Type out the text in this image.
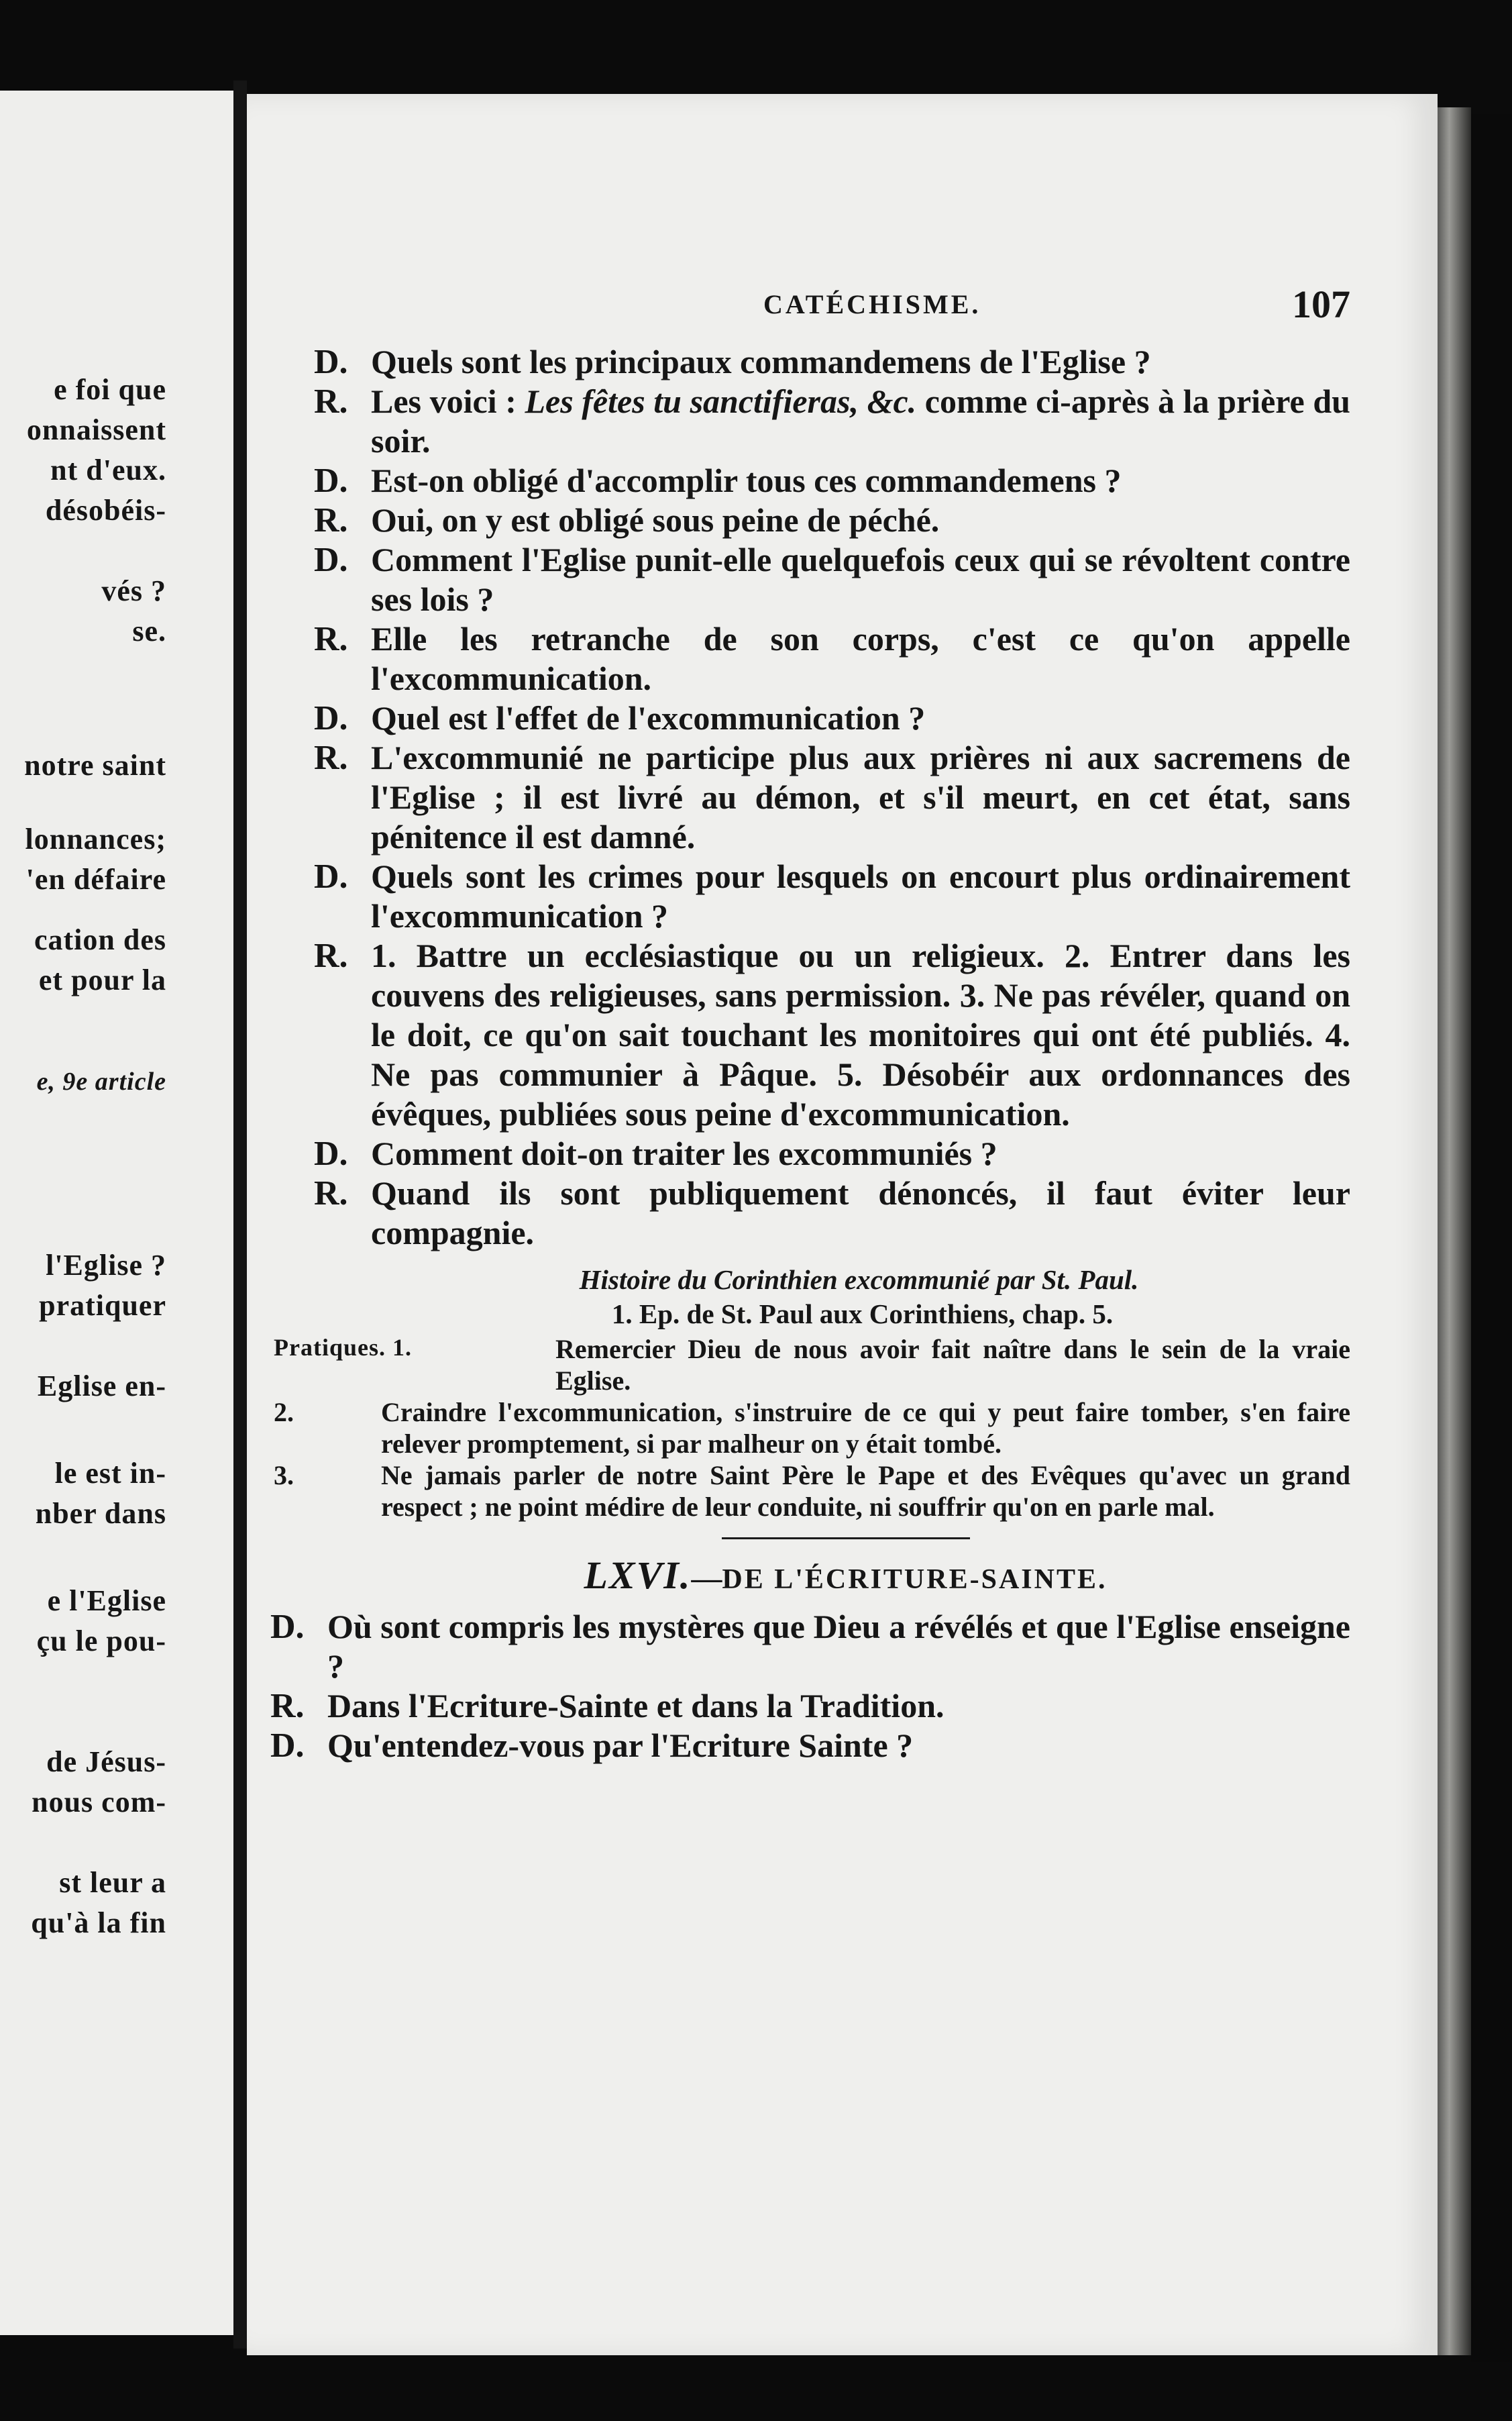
e foi que
onnaissent
nt d'eux.
désobéis-
vés ?
se.
notre saint
lonnances;
'en défaire
cation des
et pour la
e, 9e article
l'Eglise ?
pratiquer
Eglise en-
le est in-
nber dans
e l'Eglise
çu le pou-
de Jésus-
nous com-
st leur a
qu'à la fin
CATÉCHISME.	107
D. Quels sont les principaux commandemens de l'Eglise ?
R. Les voici : Les fêtes tu sanctifieras, &c. comme ci-après à la prière du soir.
D. Est-on obligé d'accomplir tous ces commandemens ?
R. Oui, on y est obligé sous peine de péché.
D. Comment l'Eglise punit-elle quelquefois ceux qui se révoltent contre ses lois ?
R. Elle les retranche de son corps, c'est ce qu'on appelle l'excommunication.
D. Quel est l'effet de l'excommunication ?
R. L'excommunié ne participe plus aux prières ni aux sacremens de l'Eglise ; il est livré au démon, et s'il meurt, en cet état, sans pénitence il est damné.
D. Quels sont les crimes pour lesquels on encourt plus ordinairement l'excommunication ?
R. 1. Battre un ecclésiastique ou un religieux. 2. Entrer dans les couvens des religieuses, sans permission. 3. Ne pas révéler, quand on le doit, ce qu'on sait touchant les monitoires qui ont été publiés. 4. Ne pas communier à Pâque. 5. Désobéir aux ordonnances des évêques, publiées sous peine d'excommunication.
D. Comment doit-on traiter les excommuniés ?
R. Quand ils sont publiquement dénoncés, il faut éviter leur compagnie.
Histoire du Corinthien excommunié par St. Paul.
1. Ep. de St. Paul aux Corinthiens, chap. 5.
Pratiques. 1.	Remercier Dieu de nous avoir fait naître dans le sein de la vraie Eglise.
2.	Craindre l'excommunication, s'instruire de ce qui y peut faire tomber, s'en faire relever promptement, si par malheur on y était tombé.
3.	Ne jamais parler de notre Saint Père le Pape et des Evêques qu'avec un grand respect ; ne point médire de leur conduite, ni souffrir qu'on en parle mal.
LXVI.—DE L'ÉCRITURE-SAINTE.
D. Où sont compris les mystères que Dieu a révélés et que l'Eglise enseigne ?
R. Dans l'Ecriture-Sainte et dans la Tradition.
D. Qu'entendez-vous par l'Ecriture Sainte ?
